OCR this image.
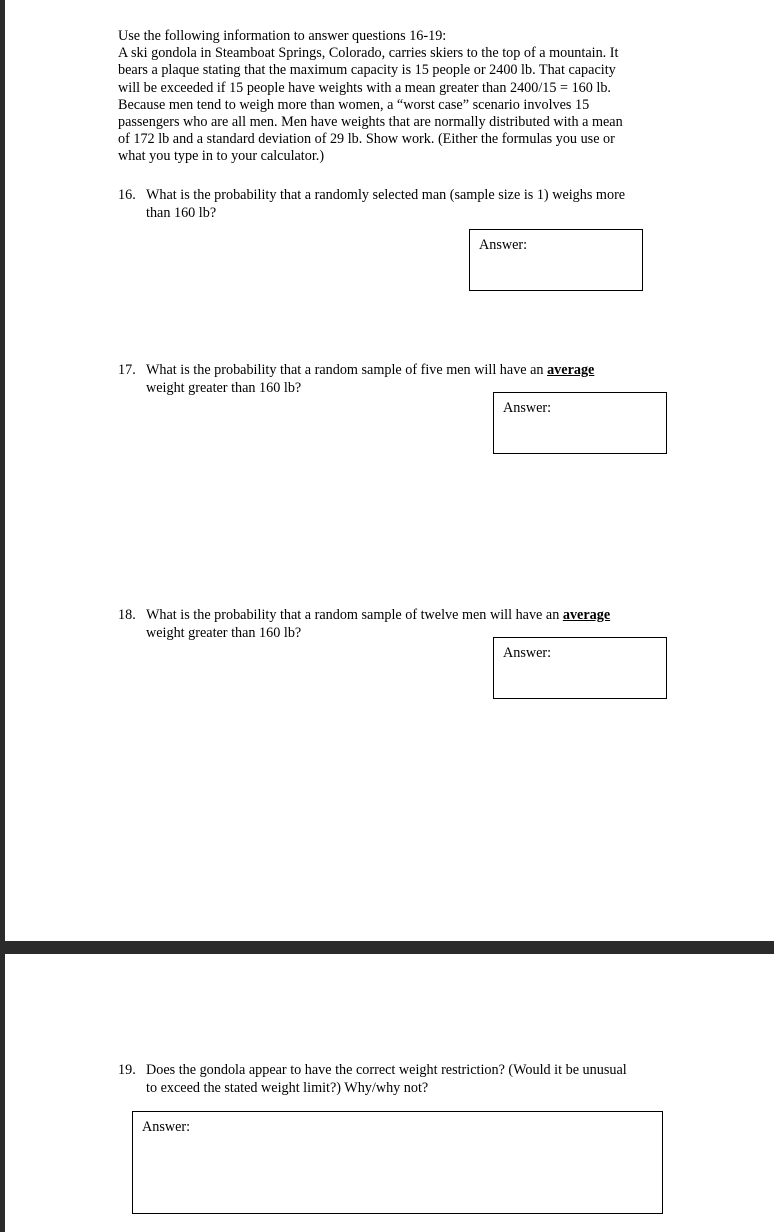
Use the following information to answer questions 16-19:

A ski gondola in Steamboat Springs, Colorado, carries skiers to the top of a mountain. It

bears a plaque stating that the maximum capacity is 15 people or 2400 lb. That capacity

will be exceeded if 15 people have weights with a mean greater than 2400/15 = 160 lb.

Because men tend to weigh more than women, a “worst case” scenario involves 15

passengers who are all men. Men have weights that are normally distributed with a mean

of 172 lb and a standard deviation of 29 lb. Show work. (Either the formulas you use or

what you type in to your calculator.)

16. What is the probability that a randomly selected man (sample size is 1) weighs more
than 160 lb?
Answer:
17. What is the probability that a random sample of five men will have an average
weight greater than 160 lb?
Answer:
18. What is the probability that a random sample of twelve men will have an average
weight greater than 160 lb?
Answer:
19. Does the gondola appear to have the correct weight restriction? (Would it be unusual
to exceed the stated weight limit?) Why/why not?
Answer:
